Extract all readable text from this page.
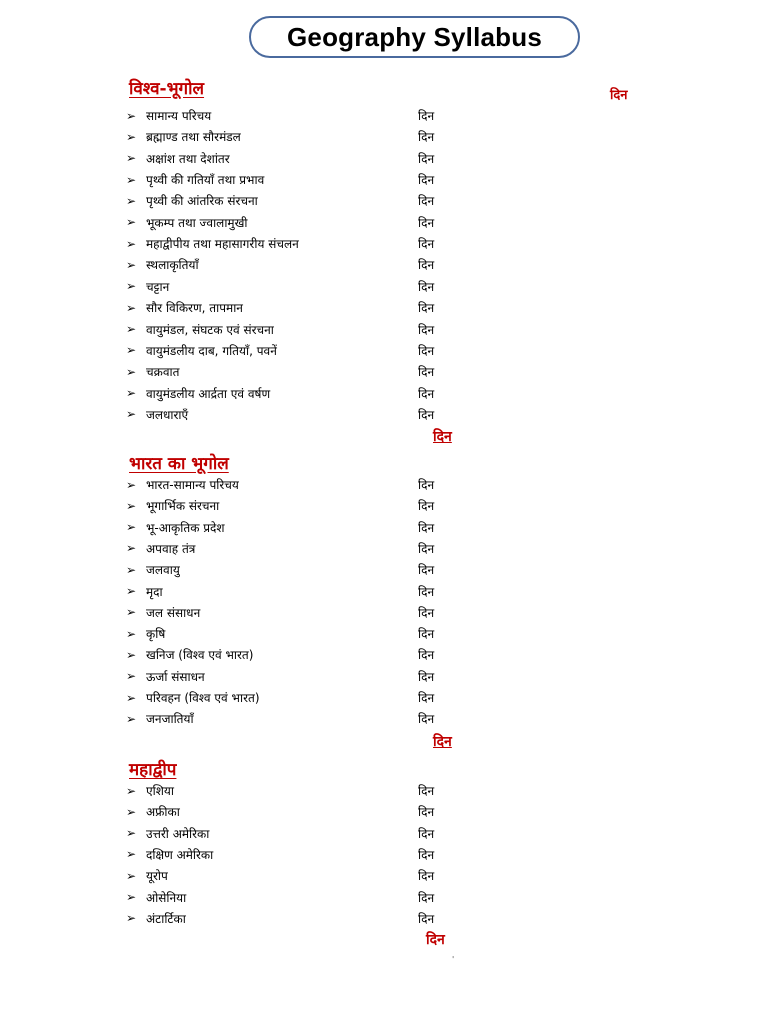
Geography Syllabus
दिन
विश्व-भूगोल
➢ सामान्य परिचय	दिन
➢ ब्रह्माण्ड तथा सौरमंडल	दिन
➢ अक्षांश तथा देशांतर	दिन
➢ पृथ्वी की गतियाँ तथा प्रभाव	दिन
➢ पृथ्वी की आंतरिक संरचना	दिन
➢ भूकम्प तथा ज्वालामुखी	दिन
➢ महाद्वीपीय तथा महासागरीय संचलन	दिन
➢ स्थलाकृतियाँ	दिन
➢ चट्टान	दिन
➢ सौर विकिरण, तापमान	दिन
➢ वायुमंडल, संघटक एवं संरचना	दिन
➢ वायुमंडलीय दाब, गतियाँ, पवनें	दिन
➢ चक्रवात	दिन
➢ वायुमंडलीय आर्द्रता एवं वर्षण	दिन
➢ जलधाराएँ	दिन
दिन
भारत का भूगोल
➢ भारत-सामान्य परिचय	दिन
➢ भूगार्भिक संरचना	दिन
➢ भू-आकृतिक प्रदेश	दिन
➢ अपवाह तंत्र	दिन
➢ जलवायु	दिन
➢ मृदा	दिन
➢ जल संसाधन	दिन
➢ कृषि	दिन
➢ खनिज (विश्व एवं भारत)	दिन
➢ ऊर्जा संसाधन	दिन
➢ परिवहन (विश्व एवं भारत)	दिन
➢ जनजातियाँ	दिन
दिन
महाद्वीप
➢ एशिया	दिन
➢ अफ्रीका	दिन
➢ उत्तरी अमेरिका	दिन
➢ दक्षिण अमेरिका	दिन
➢ यूरोप	दिन
➢ ओसेनिया	दिन
➢ अंटार्टिका	दिन
दिन
'
